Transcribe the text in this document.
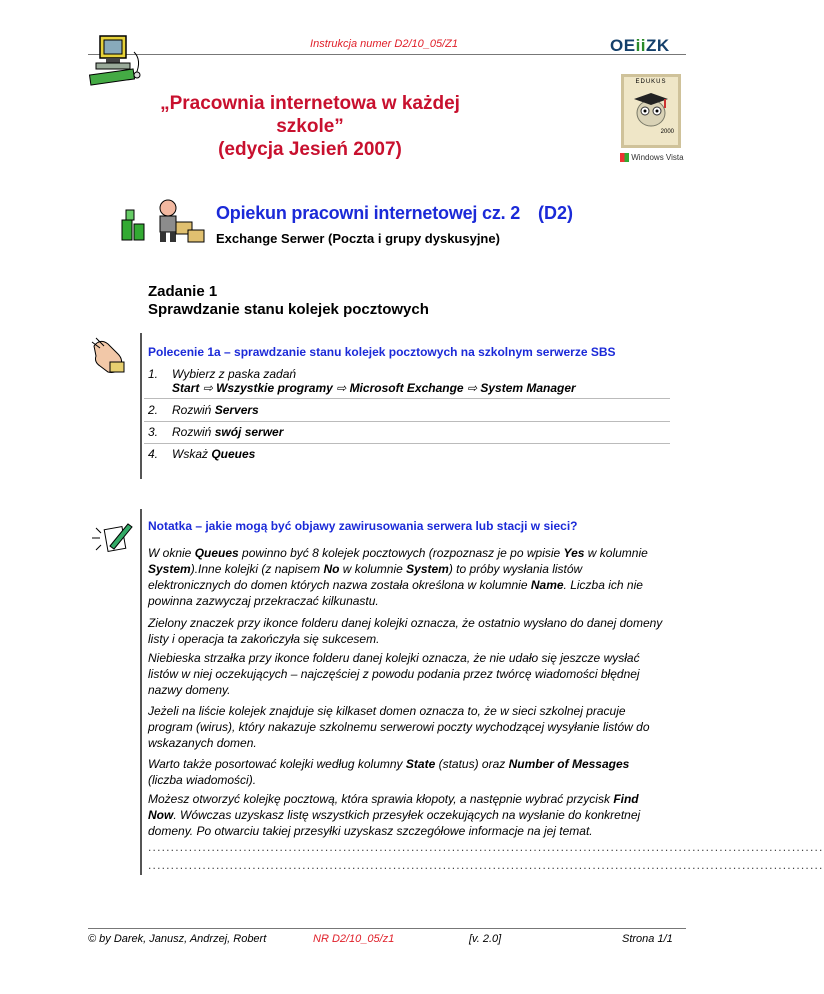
Instrukcja numer D2/10_05/Z1	OEiiZK
EDUKUS
2000
Windows Vista
„Pracownia internetowa w każdej szkole”
(edycja Jesień 2007)
Opiekun pracowni internetowej cz. 2 (D2)
Exchange Serwer (Poczta i grupy dyskusyjne)
Zadanie 1
Sprawdzanie stanu kolejek pocztowych
Polecenie 1a – sprawdzanie stanu kolejek pocztowych na szkolnym serwerze SBS
1. Wybierz z paska zadań
Start ⇨ Wszystkie programy ⇨ Microsoft Exchange ⇨ System Manager
2. Rozwiń Servers
3. Rozwiń swój serwer
4. Wskaż Queues
Notatka – jakie mogą być objawy zawirusowania serwera lub stacji w sieci?
W oknie Queues powinno być 8 kolejek pocztowych (rozpoznasz je po wpisie Yes w kolumnie System).Inne kolejki (z napisem No w kolumnie System) to próby wysłania listów elektronicznych do domen których nazwa została określona w kolumnie Name. Liczba ich nie powinna zazwyczaj przekraczać kilkunastu.
Zielony znaczek przy ikonce folderu danej kolejki oznacza, że ostatnio wysłano do danej domeny listy i operacja ta zakończyła się sukcesem.
Niebieska strzałka przy ikonce folderu danej kolejki oznacza, że nie udało się jeszcze wysłać listów w niej oczekujących – najczęściej z powodu podania przez twórcę wiadomości błędnej nazwy domeny.
Jeżeli na liście kolejek znajduje się kilkaset domen oznacza to, że w sieci szkolnej pracuje program (wirus), który nakazuje szkolnemu serwerowi poczty wychodzącej wysyłanie listów do wskazanych domen.
Warto także posortować kolejki według kolumny State (status) oraz Number of Messages (liczba wiadomości).
Możesz otworzyć kolejkę pocztową, która sprawia kłopoty, a następnie wybrać przycisk Find Now. Wówczas uzyskasz listę wszystkich przesyłek oczekujących na wysłanie do konkretnej domeny. Po otwarciu takiej przesyłki uzyskasz szczegółowe informacje na jej temat.
.....................................................................................................................................................
.....................................................................................................................................................
© by Darek, Janusz, Andrzej, Robert	NR D2/10_05/z1	[v. 2.0]	Strona 1/1
